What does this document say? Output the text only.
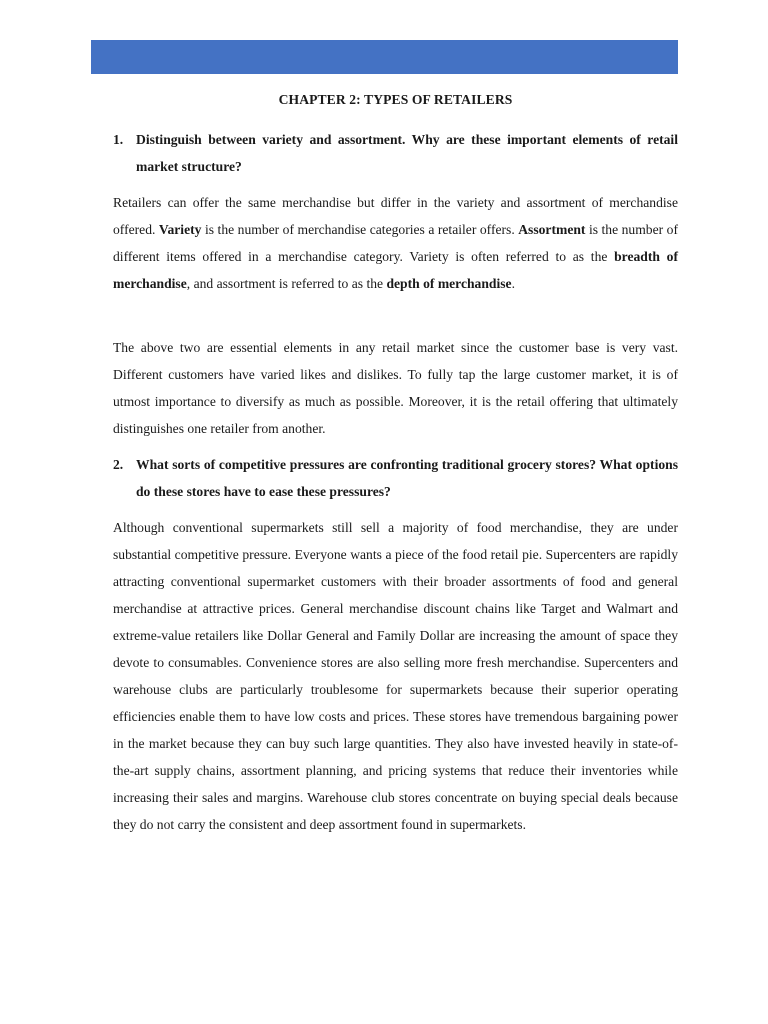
CHAPTER 2: TYPES OF RETAILERS
1. Distinguish between variety and assortment. Why are these important elements of retail market structure?

Retailers can offer the same merchandise but differ in the variety and assortment of merchandise offered. Variety is the number of merchandise categories a retailer offers. Assortment is the number of different items offered in a merchandise category. Variety is often referred to as the breadth of merchandise, and assortment is referred to as the depth of merchandise.

The above two are essential elements in any retail market since the customer base is very vast. Different customers have varied likes and dislikes. To fully tap the large customer market, it is of utmost importance to diversify as much as possible. Moreover, it is the retail offering that ultimately distinguishes one retailer from another.

2. What sorts of competitive pressures are confronting traditional grocery stores? What options do these stores have to ease these pressures?

Although conventional supermarkets still sell a majority of food merchandise, they are under substantial competitive pressure. Everyone wants a piece of the food retail pie. Supercenters are rapidly attracting conventional supermarket customers with their broader assortments of food and general merchandise at attractive prices. General merchandise discount chains like Target and Walmart and extreme-value retailers like Dollar General and Family Dollar are increasing the amount of space they devote to consumables. Convenience stores are also selling more fresh merchandise. Supercenters and warehouse clubs are particularly troublesome for supermarkets because their superior operating efficiencies enable them to have low costs and prices. These stores have tremendous bargaining power in the market because they can buy such large quantities. They also have invested heavily in state-of-the-art supply chains, assortment planning, and pricing systems that reduce their inventories while increasing their sales and margins. Warehouse club stores concentrate on buying special deals because they do not carry the consistent and deep assortment found in supermarkets.
